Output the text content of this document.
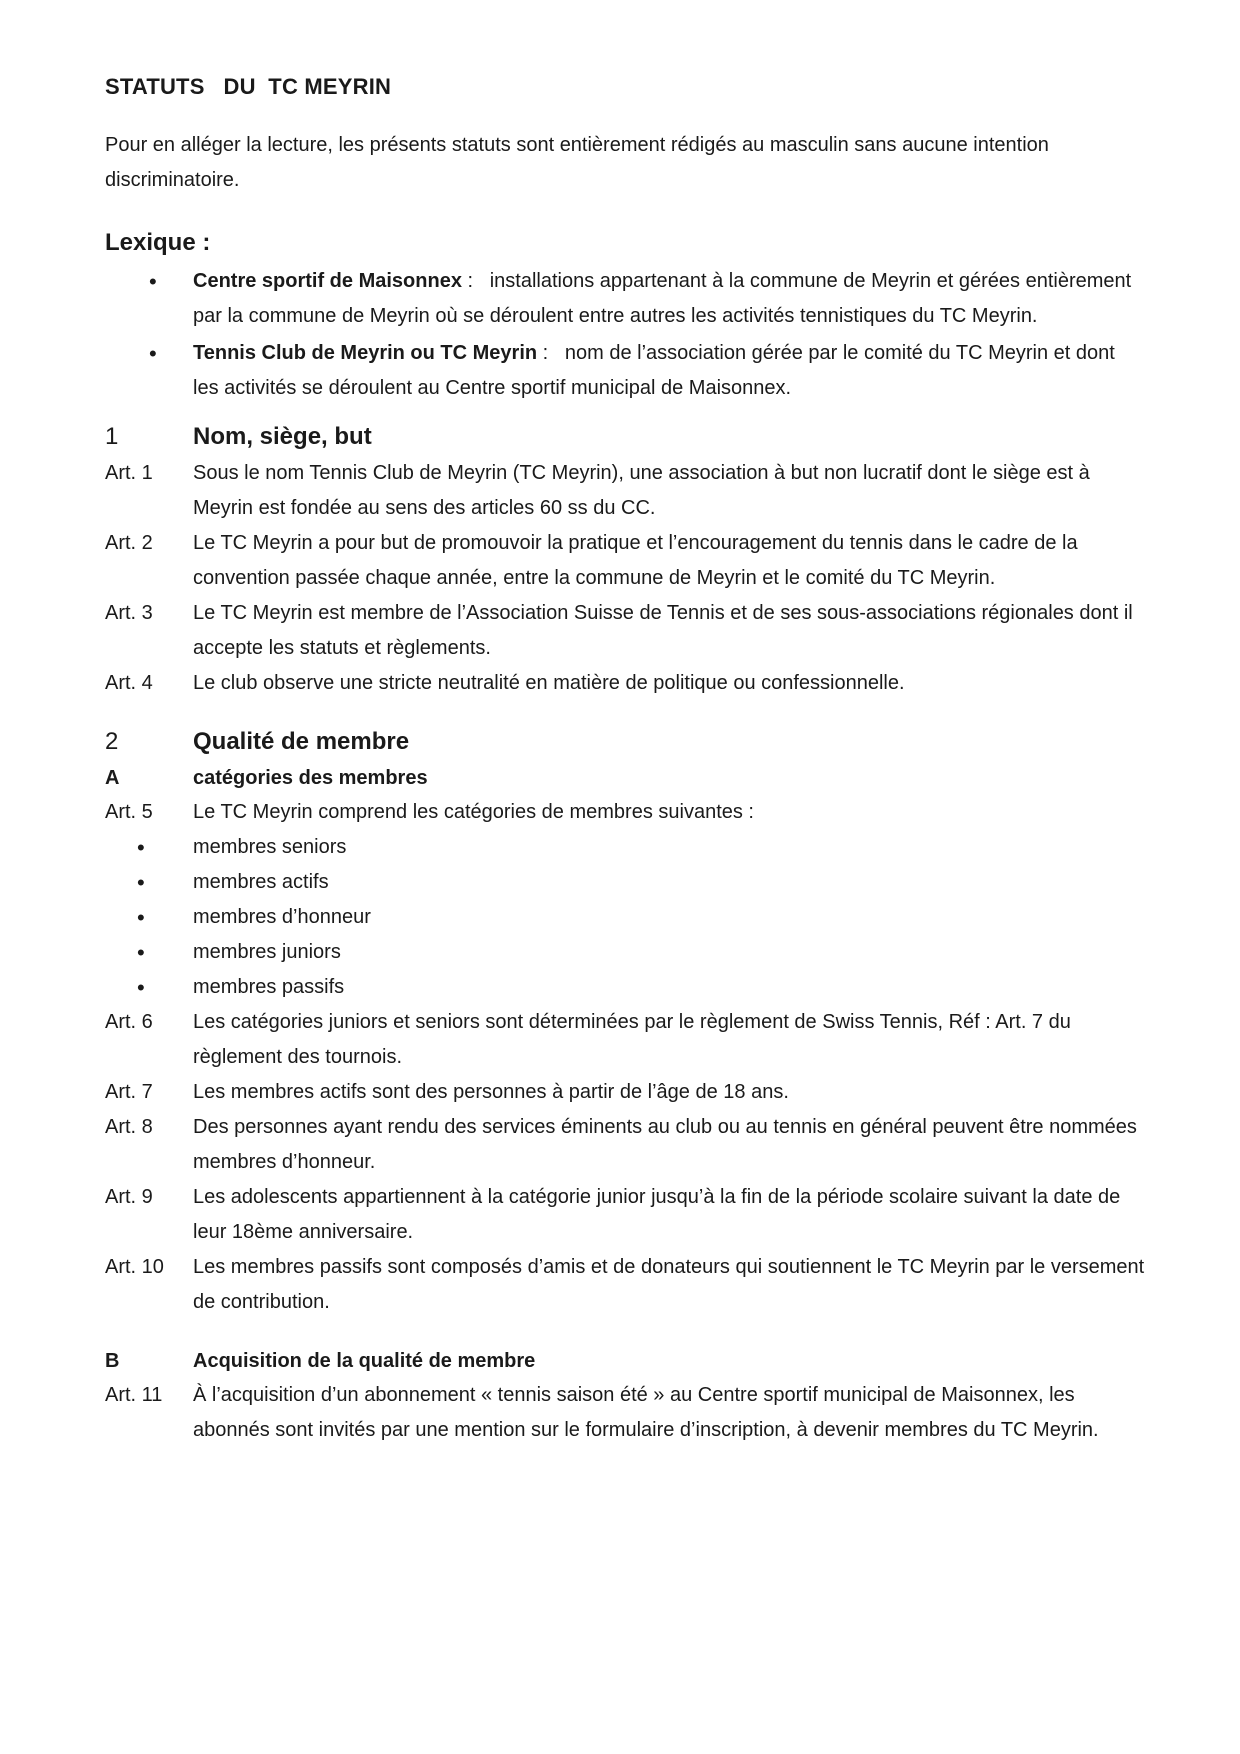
STATUTS   DU  TC MEYRIN

Pour en alléger la lecture, les présents statuts sont entièrement rédigés au masculin sans aucune intention discriminatoire.

Lexique :
• Centre sportif de Maisonnex :   installations appartenant à la commune de Meyrin et gérées entièrement par la commune de Meyrin où se déroulent entre autres les activités tennistiques du TC Meyrin.
• Tennis Club de Meyrin ou TC Meyrin :   nom de l’association gérée par le comité du TC Meyrin et dont les activités se déroulent au Centre sportif municipal de Maisonnex.
1	Nom, siège, but
Art. 1	Sous le nom Tennis Club de Meyrin (TC Meyrin), une association à but non lucratif dont le siège est à Meyrin est fondée au sens des articles 60 ss du CC.
Art. 2	Le TC Meyrin a pour but de promouvoir la pratique et l’encouragement du tennis dans le cadre de la convention passée chaque année, entre la commune de Meyrin et le comité du TC Meyrin.
Art. 3	Le TC Meyrin est membre de l’Association Suisse de Tennis et de ses sous-associations régionales dont il accepte les statuts et règlements.
Art. 4	Le club observe une stricte neutralité en matière de politique ou confessionnelle.
2	Qualité de membre
A	catégories des membres
Art. 5	Le TC Meyrin comprend les catégories de membres suivantes :
• membres seniors
• membres actifs
• membres d’honneur
• membres juniors
• membres passifs
Art. 6	Les catégories juniors et seniors sont déterminées par le règlement de Swiss Tennis, Réf : Art. 7 du règlement des tournois.
Art. 7	Les membres actifs sont des personnes à partir de l’âge de 18 ans.
Art. 8	Des personnes ayant rendu des services éminents au club ou au tennis en général peuvent être nommées membres d’honneur.
Art. 9	Les adolescents appartiennent à la catégorie junior jusqu’à la fin de la période scolaire suivant la date de leur 18ème anniversaire.
Art. 10	Les membres passifs sont composés d’amis et de donateurs qui soutiennent le TC Meyrin par le versement de contribution.
B	Acquisition de la qualité de membre
Art. 11	À l’acquisition d’un abonnement « tennis saison été » au Centre sportif municipal de Maisonnex, les abonnés sont invités par une mention sur le formulaire d’inscription, à devenir membres du TC Meyrin.
